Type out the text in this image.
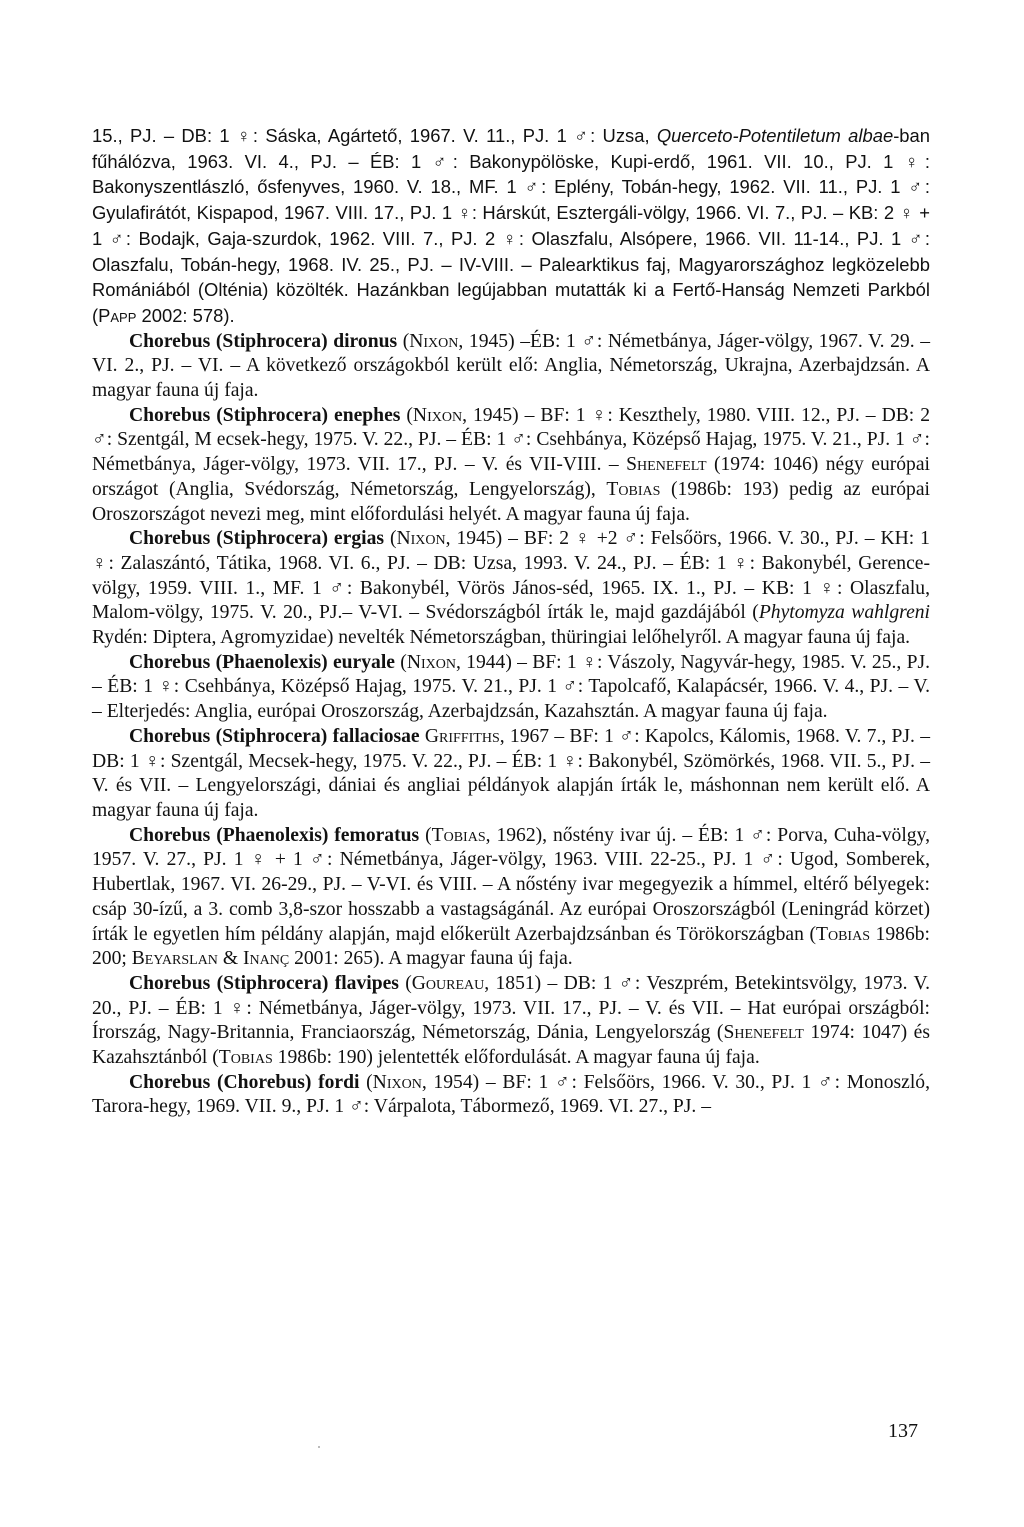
15., PJ. – DB: 1 ♀: Sáska, Agártető, 1967. V. 11., PJ. 1 ♂: Uzsa, Querceto-Potentiletum albae-ban fűhálózva, 1963. VI. 4., PJ. – ÉB: 1 ♂: Bakonypölöske, Kupi-erdő, 1961. VII. 10., PJ. 1 ♀: Bakonyszentlászló, ősfenyves, 1960. V. 18., MF. 1 ♂: Eplény, Tobán-hegy, 1962. VII. 11., PJ. 1 ♂: Gyulafirátót, Kispapod, 1967. VIII. 17., PJ. 1 ♀: Hárskút, Esztergáli-völgy, 1966. VI. 7., PJ. – KB: 2 ♀ + 1 ♂: Bodajk, Gaja-szurdok, 1962. VIII. 7., PJ. 2 ♀: Olaszfalu, Alsópere, 1966. VII. 11-14., PJ. 1 ♂: Olaszfalu, Tobán-hegy, 1968. IV. 25., PJ. – IV-VIII. – Palearktikus faj, Magyarországhoz legközelebb Romániából (Olténia) közölték. Hazánkban legújabban mutatták ki a Fertő-Hanság Nemzeti Parkból (Papp 2002: 578).

Chorebus (Stiphrocera) dironus (Nixon, 1945) –ÉB: 1 ♂: Németbánya, Jáger-völgy, 1967. V. 29. – VI. 2., PJ. – VI. – A következő országokból került elő: Anglia, Németország, Ukrajna, Azerbajdzsán. A magyar fauna új faja.

Chorebus (Stiphrocera) enephes (Nixon, 1945) – BF: 1 ♀: Keszthely, 1980. VIII. 12., PJ. – DB: 2 ♂: Szentgál, M ecsek-hegy, 1975. V. 22., PJ. – ÉB: 1 ♂: Csehbánya, Középső Hajag, 1975. V. 21., PJ. 1 ♂: Németbánya, Jáger-völgy, 1973. VII. 17., PJ. – V. és VII-VIII. – Shenefelt (1974: 1046) négy európai országot (Anglia, Svédország, Németország, Lengyelország), Tobias (1986b: 193) pedig az európai Oroszországot nevezi meg, mint előfordulási helyét. A magyar fauna új faja.

Chorebus (Stiphrocera) ergias (Nixon, 1945) – BF: 2 ♀ +2 ♂: Felsőörs, 1966. V. 30., PJ. – KH: 1 ♀: Zalaszántó, Tátika, 1968. VI. 6., PJ. – DB: Uzsa, 1993. V. 24., PJ. – ÉB: 1 ♀: Bakonybél, Gerence-völgy, 1959. VIII. 1., MF. 1 ♂: Bakonybél, Vörös János-séd, 1965. IX. 1., PJ. – KB: 1 ♀: Olaszfalu, Malom-völgy, 1975. V. 20., PJ.– V-VI. – Svédországból írták le, majd gazdájából (Phytomyza wahlgreni Rydén: Diptera, Agromyzidae) nevelték Németországban, thüringiai lelőhelyről. A magyar fauna új faja.

Chorebus (Phaenolexis) euryale (Nixon, 1944) – BF: 1 ♀: Vászoly, Nagyvár-hegy, 1985. V. 25., PJ. – ÉB: 1 ♀: Csehbánya, Középső Hajag, 1975. V. 21., PJ. 1 ♂: Tapolcafő, Kalapácsér, 1966. V. 4., PJ. – V. – Elterjedés: Anglia, európai Oroszország, Azerbajdzsán, Kazahsztán. A magyar fauna új faja.

Chorebus (Stiphrocera) fallaciosae Griffiths, 1967 – BF: 1 ♂: Kapolcs, Kálomis, 1968. V. 7., PJ. – DB: 1 ♀: Szentgál, Mecsek-hegy, 1975. V. 22., PJ. – ÉB: 1 ♀: Bakonybél, Szömörkés, 1968. VII. 5., PJ. – V. és VII. – Lengyelországi, dániai és angliai példányok alapján írták le, máshonnan nem került elő. A magyar fauna új faja.

Chorebus (Phaenolexis) femoratus (Tobias, 1962), nőstény ivar új. – ÉB: 1 ♂: Porva, Cuha-völgy, 1957. V. 27., PJ. 1 ♀ + 1 ♂: Németbánya, Jáger-völgy, 1963. VIII. 22-25., PJ. 1 ♂: Ugod, Somberek, Hubertlak, 1967. VI. 26-29., PJ. – V-VI. és VIII. – A nőstény ivar megegyezik a hímmel, eltérő bélyegek: csáp 30-ízű, a 3. comb 3,8-szor hosszabb a vastagságánál. Az európai Oroszországból (Leningrád körzet) írták le egyetlen hím példány alapján, majd előkerült Azerbajdzsánban és Törökországban (Tobias 1986b: 200; Beyarslan & Inanç 2001: 265). A magyar fauna új faja.

Chorebus (Stiphrocera) flavipes (Goureau, 1851) – DB: 1 ♂: Veszprém, Betekintsvölgy, 1973. V. 20., PJ. – ÉB: 1 ♀: Németbánya, Jáger-völgy, 1973. VII. 17., PJ. – V. és VII. – Hat európai országból: Írország, Nagy-Britannia, Franciaország, Németország, Dánia, Lengyelország (Shenefelt 1974: 1047) és Kazahsztánból (Tobias 1986b: 190) jelentették előfordulását. A magyar fauna új faja.

Chorebus (Chorebus) fordi (Nixon, 1954) – BF: 1 ♂: Felsőörs, 1966. V. 30., PJ. 1 ♂: Monoszló, Tarora-hegy, 1969. VII. 9., PJ. 1 ♂: Várpalota, Tábormező, 1969. VI. 27., PJ. –

137
